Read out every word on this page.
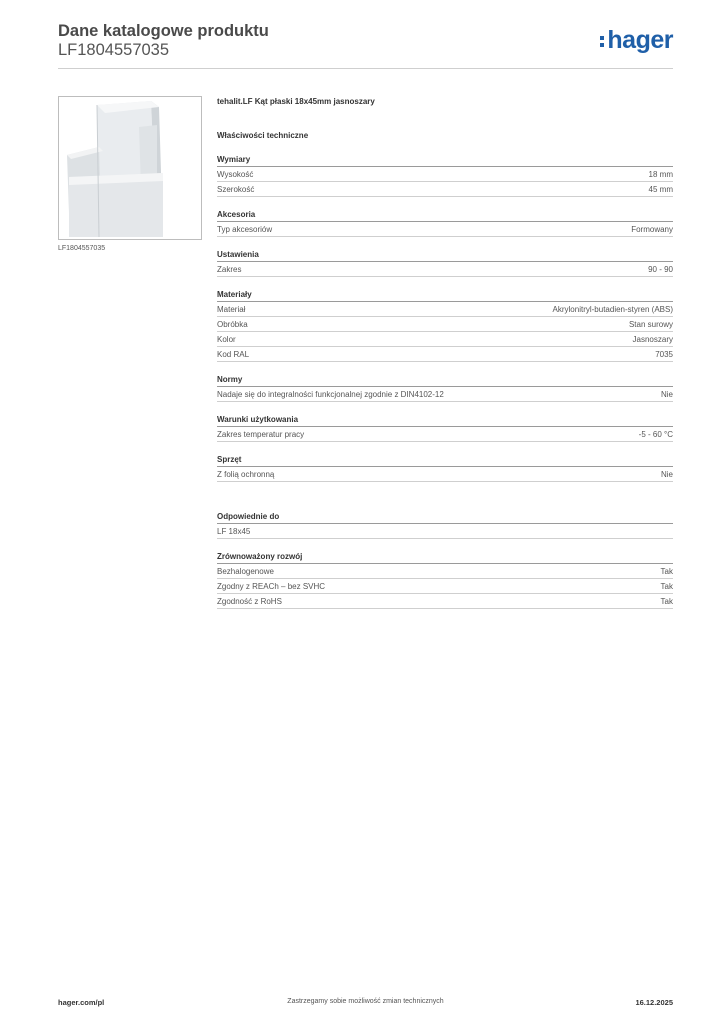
Dane katalogowe produktu
LF1804557035	hager
LF1804557035
tehalit.LF Kąt płaski 18x45mm jasnoszary
Właściwości techniczne
Wymiary
Wysokość	18 mm
Szerokość	45 mm
Akcesoria
Typ akcesoriów	Formowany
Ustawienia
Zakres	90 - 90
Materiały
Materiał	Akrylonitryl-butadien-styren (ABS)
Obróbka	Stan surowy
Kolor	Jasnoszary
Kod RAL	7035
Normy
Nadaje się do integralności funkcjonalnej zgodnie z DIN4102-12	Nie
Warunki użytkowania
Zakres temperatur pracy	-5 - 60 °C
Sprzęt
Z folią ochronną	Nie
Odpowiednie do
LF 18x45
Zrównoważony rozwój
Bezhalogenowe	Tak
Zgodny z REACh – bez SVHC	Tak
Zgodność z RoHS	Tak
hager.com/pl	Zastrzegamy sobie możliwość zmian technicznych	16.12.2025
